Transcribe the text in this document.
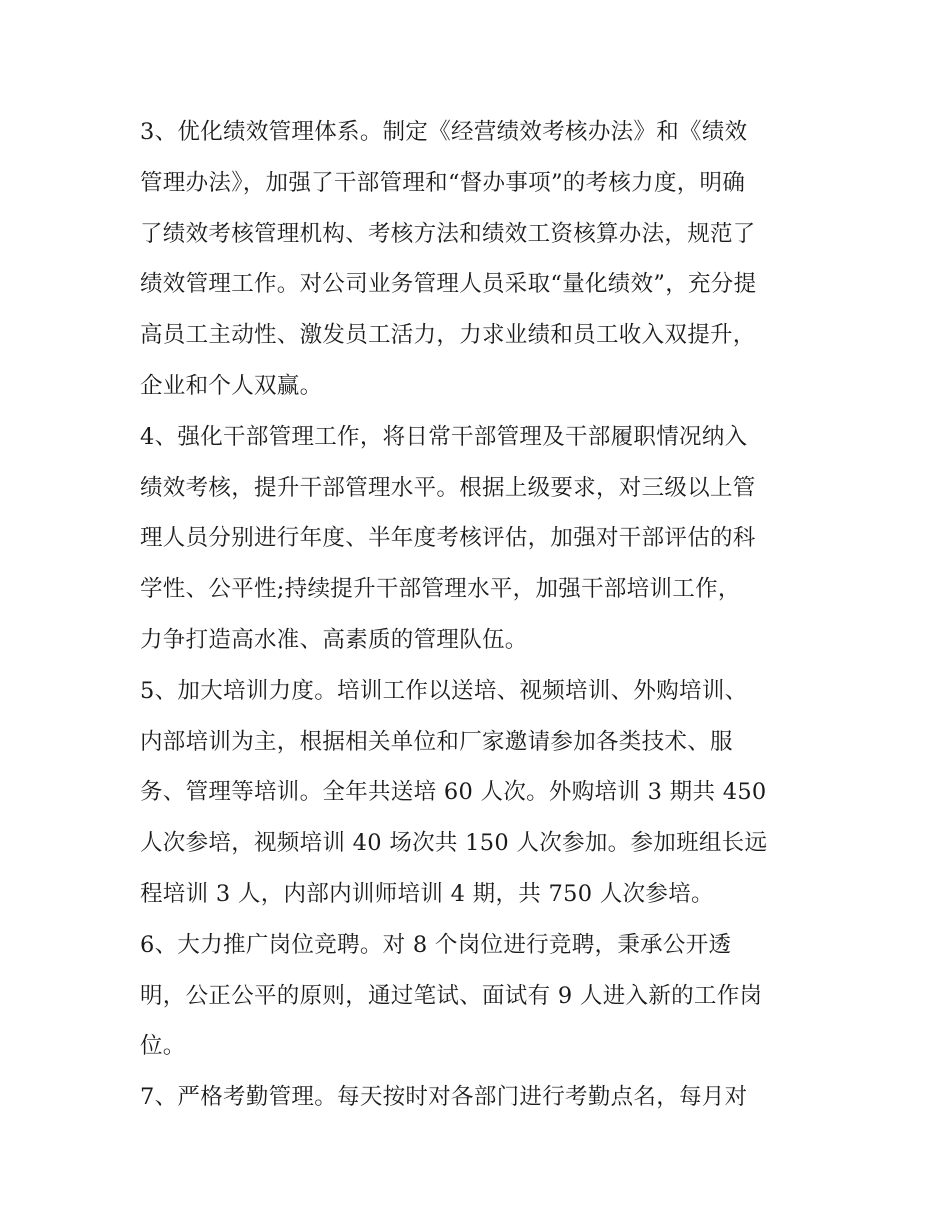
3、优化绩效管理体系。制定《经营绩效考核办法》和《绩效
管理办法》，加强了干部管理和“督办事项”的考核力度，明确
了绩效考核管理机构、考核方法和绩效工资核算办法，规范了
绩效管理工作。对公司业务管理人员采取“量化绩效”，充分提
高员工主动性、激发员工活力，力求业绩和员工收入双提升，
企业和个人双赢。
4、强化干部管理工作，将日常干部管理及干部履职情况纳入
绩效考核，提升干部管理水平。根据上级要求，对三级以上管
理人员分别进行年度、半年度考核评估，加强对干部评估的科
学性、公平性;持续提升干部管理水平，加强干部培训工作，
力争打造高水准、高素质的管理队伍。
5、加大培训力度。培训工作以送培、视频培训、外购培训、
内部培训为主，根据相关单位和厂家邀请参加各类技术、服
务、管理等培训。全年共送培 60 人次。外购培训 3 期共 450
人次参培，视频培训 40 场次共 150 人次参加。参加班组长远
程培训 3 人，内部内训师培训 4 期，共 750 人次参培。
6、大力推广岗位竞聘。对 8 个岗位进行竞聘，秉承公开透
明，公正公平的原则，通过笔试、面试有 9 人进入新的工作岗
位。
7、严格考勤管理。每天按时对各部门进行考勤点名，每月对
